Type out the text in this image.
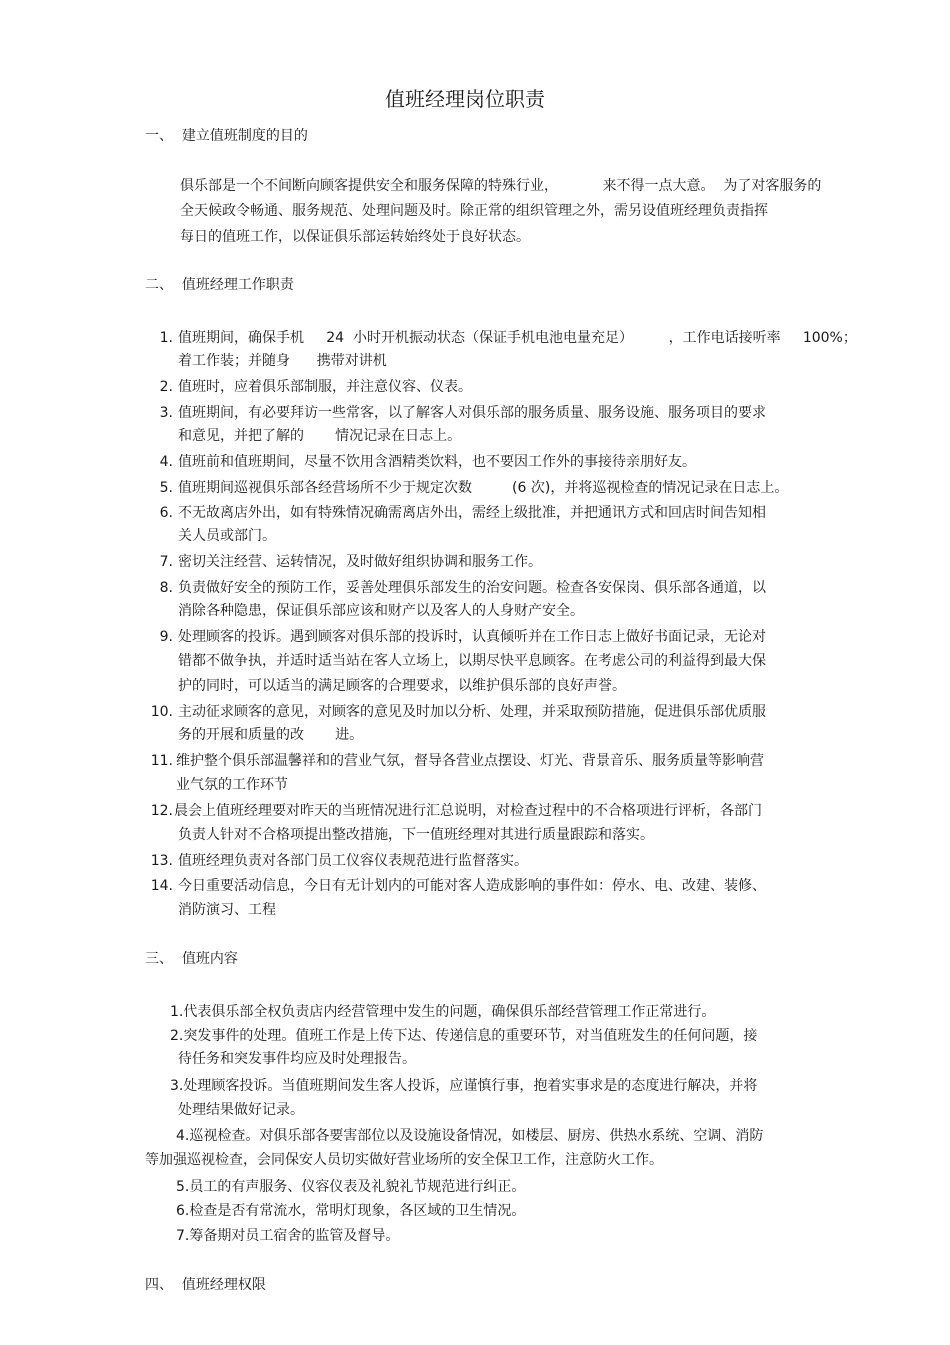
值班经理岗位职责
一、  建立值班制度的目的
俱乐部是一个不间断向顾客提供安全和服务保障的特殊行业，          来不得一点大意。  为了对客服务的
全天候政令畅通、服务规范、处理问题及时。除正常的组织管理之外，需另设值班经理负责指挥
每日的值班工作，以保证俱乐部运转始终处于良好状态。
二、  值班经理工作职责
1. 值班期间，确保手机     24  小时开机振动状态（保证手机电池电量充足）        ，工作电话接听率     100%；
着工作装；并随身      携带对讲机
2. 值班时，应着俱乐部制服，并注意仪容、仪表。
3. 值班期间，有必要拜访一些常客，以了解客人对俱乐部的服务质量、服务设施、服务项目的要求
和意见，并把了解的       情况记录在日志上。
4. 值班前和值班期间，尽量不饮用含酒精类饮料，也不要因工作外的事接待亲朋好友。
5. 值班期间巡视俱乐部各经营场所不少于规定次数         (6 次)，并将巡视检查的情况记录在日志上。
6. 不无故离店外出，如有特殊情况确需离店外出，需经上级批准，并把通讯方式和回店时间告知相
关人员或部门。
7. 密切关注经营、运转情况，及时做好组织协调和服务工作。
8. 负责做好安全的预防工作，妥善处理俱乐部发生的治安问题。检查各安保岗、俱乐部各通道，以
消除各种隐患，保证俱乐部应该和财产以及客人的人身财产安全。
9. 处理顾客的投诉。遇到顾客对俱乐部的投诉时，认真倾听并在工作日志上做好书面记录，无论对
错都不做争执，并适时适当站在客人立场上，以期尽快平息顾客。在考虑公司的利益得到最大保
护的同时，可以适当的满足顾客的合理要求，以维护俱乐部的良好声誉。
10. 主动征求顾客的意见，对顾客的意见及时加以分析、处理，并采取预防措施，促进俱乐部优质服
务的开展和质量的改       进。
11. 维护整个俱乐部温馨祥和的营业气氛，督导各营业点摆设、灯光、背景音乐、服务质量等影响营
业气氛的工作环节
12. 晨会上值班经理要对昨天的当班情况进行汇总说明，对检查过程中的不合格项进行评析，各部门
负责人针对不合格项提出整改措施，下一值班经理对其进行质量跟踪和落实。
13. 值班经理负责对各部门员工仪容仪表规范进行监督落实。
14. 今日重要活动信息，今日有无计划内的可能对客人造成影响的事件如：停水、电、改建、装修、
消防演习、工程
三、  值班内容
1.代表俱乐部全权负责店内经营管理中发生的问题，确保俱乐部经营管理工作正常进行。
2.突发事件的处理。值班工作是上传下达、传递信息的重要环节，对当值班发生的任何问题，接
待任务和突发事件均应及时处理报告。
3.处理顾客投诉。当值班期间发生客人投诉，应谨慎行事，抱着实事求是的态度进行解决，并将
处理结果做好记录。
4.巡视检查。对俱乐部各要害部位以及设施设备情况，如楼层、厨房、供热水系统、空调、消防
等加强巡视检查，会同保安人员切实做好营业场所的安全保卫工作，注意防火工作。
5.员工的有声服务、仪容仪表及礼貌礼节规范进行纠正。
6.检查是否有常流水，常明灯现象，各区域的卫生情况。
7.筹备期对员工宿舍的监管及督导。
四、  值班经理权限
